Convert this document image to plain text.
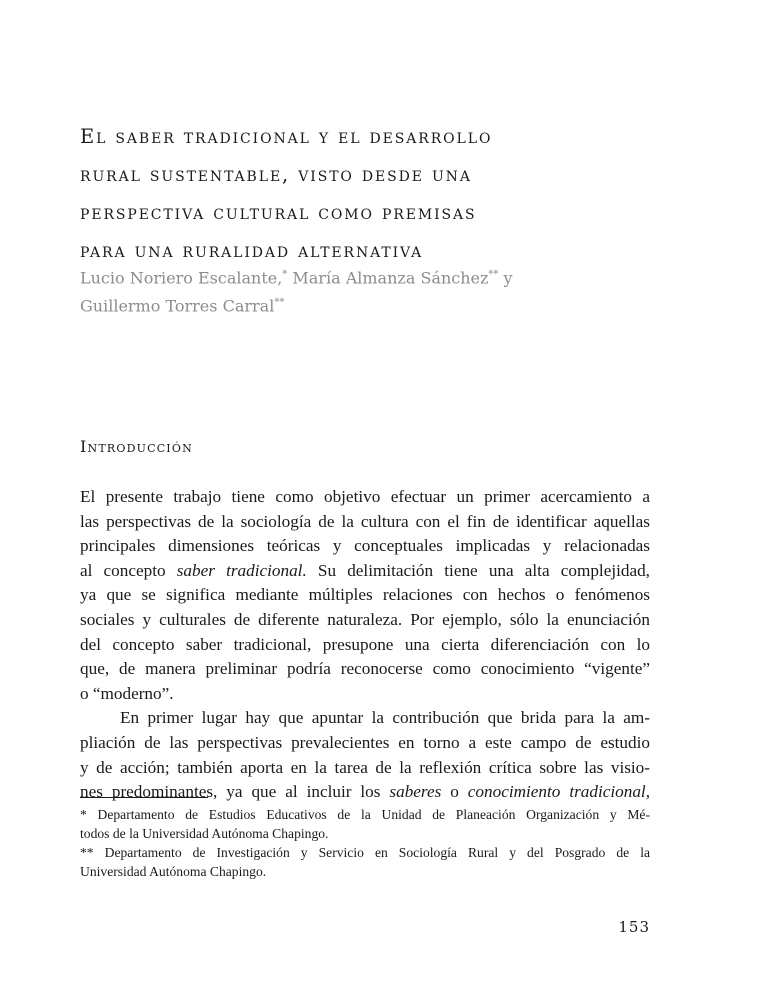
El saber tradicional y el desarrollo
rural sustentable, visto desde una
perspectiva cultural como premisas
para una ruralidad alternativa
Lucio Noriero Escalante,* María Almanza Sánchez** y
Guillermo Torres Carral**
Introducción
El presente trabajo tiene como objetivo efectuar un primer acercamiento a
las perspectivas de la sociología de la cultura con el fin de identificar aquellas
principales dimensiones teóricas y conceptuales implicadas y relacionadas
al concepto saber tradicional. Su delimitación tiene una alta complejidad,
ya que se significa mediante múltiples relaciones con hechos o fenómenos
sociales y culturales de diferente naturaleza. Por ejemplo, sólo la enunciación
del concepto saber tradicional, presupone una cierta diferenciación con lo
que, de manera preliminar podría reconocerse como conocimiento “vigente”
o “moderno”.
En primer lugar hay que apuntar la contribución que brida para la am-
pliación de las perspectivas prevalecientes en torno a este campo de estudio
y de acción; también aporta en la tarea de la reflexión crítica sobre las visio-
nes predominantes, ya que al incluir los saberes o conocimiento tradicional,
* Departamento de Estudios Educativos de la Unidad de Planeación Organización y Mé-
todos de la Universidad Autónoma Chapingo.
** Departamento de Investigación y Servicio en Sociología Rural y del Posgrado de la
Universidad Autónoma Chapingo.
153
